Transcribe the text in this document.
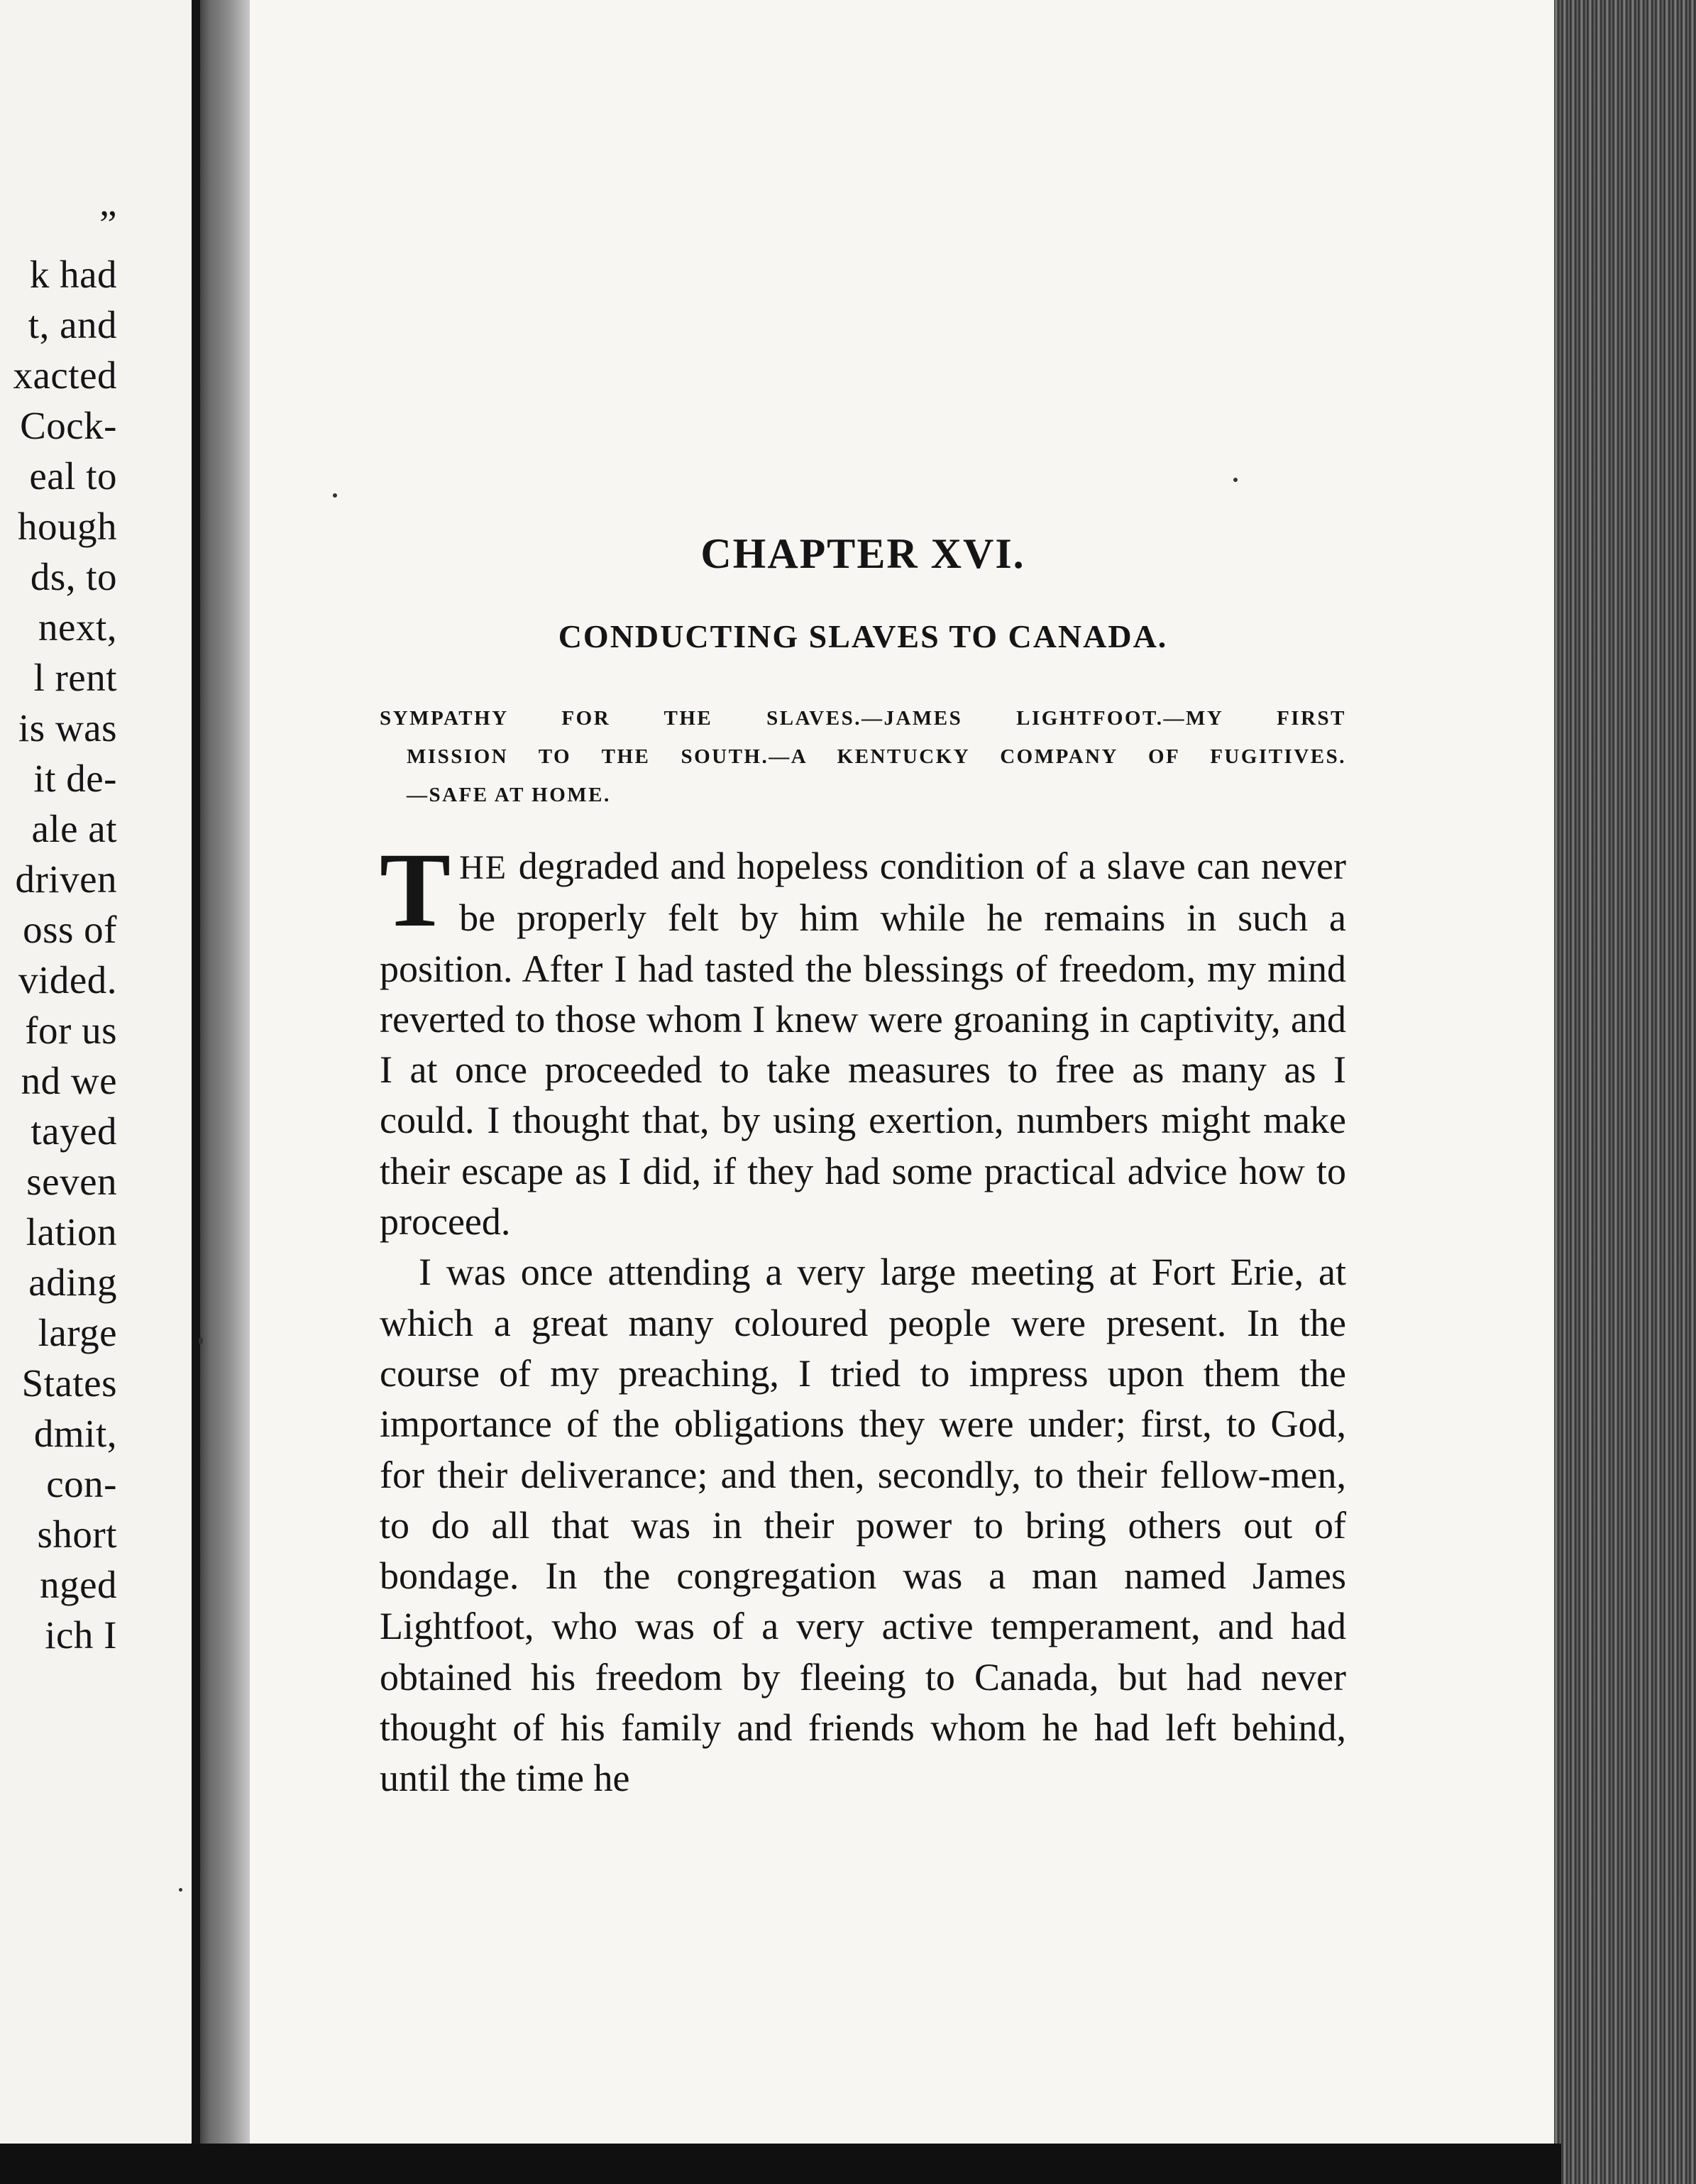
”
k had
t, and
xacted
Cock-
eal to
hough
ds, to
next,
l rent
is was
it de-
ale at
driven
oss of
vided.
for us
nd we
tayed
seven
lation
ading
large
States
dmit,
con-
short
nged
ich I
CHAPTER XVI.
CONDUCTING SLAVES TO CANADA.
SYMPATHY FOR THE SLAVES.—JAMES LIGHTFOOT.—MY FIRST
MISSION TO THE SOUTH.—A KENTUCKY COMPANY OF FUGITIVES.
—SAFE AT HOME.

THE degraded and hopeless condition of a slave can never be properly felt by him while he remains in such a position. After I had tasted the blessings of freedom, my mind reverted to those whom I knew were groaning in captivity, and I at once proceeded to take measures to free as many as I could. I thought that, by using exertion, numbers might make their escape as I did, if they had some practical advice how to proceed.

I was once attending a very large meeting at Fort Erie, at which a great many coloured people were present. In the course of my preaching, I tried to impress upon them the importance of the obligations they were under; first, to God, for their deliverance; and then, secondly, to their fellow-men, to do all that was in their power to bring others out of bondage. In the congregation was a man named James Lightfoot, who was of a very active temperament, and had obtained his freedom by fleeing to Canada, but had never thought of his family and friends whom he had left behind, until the time he
